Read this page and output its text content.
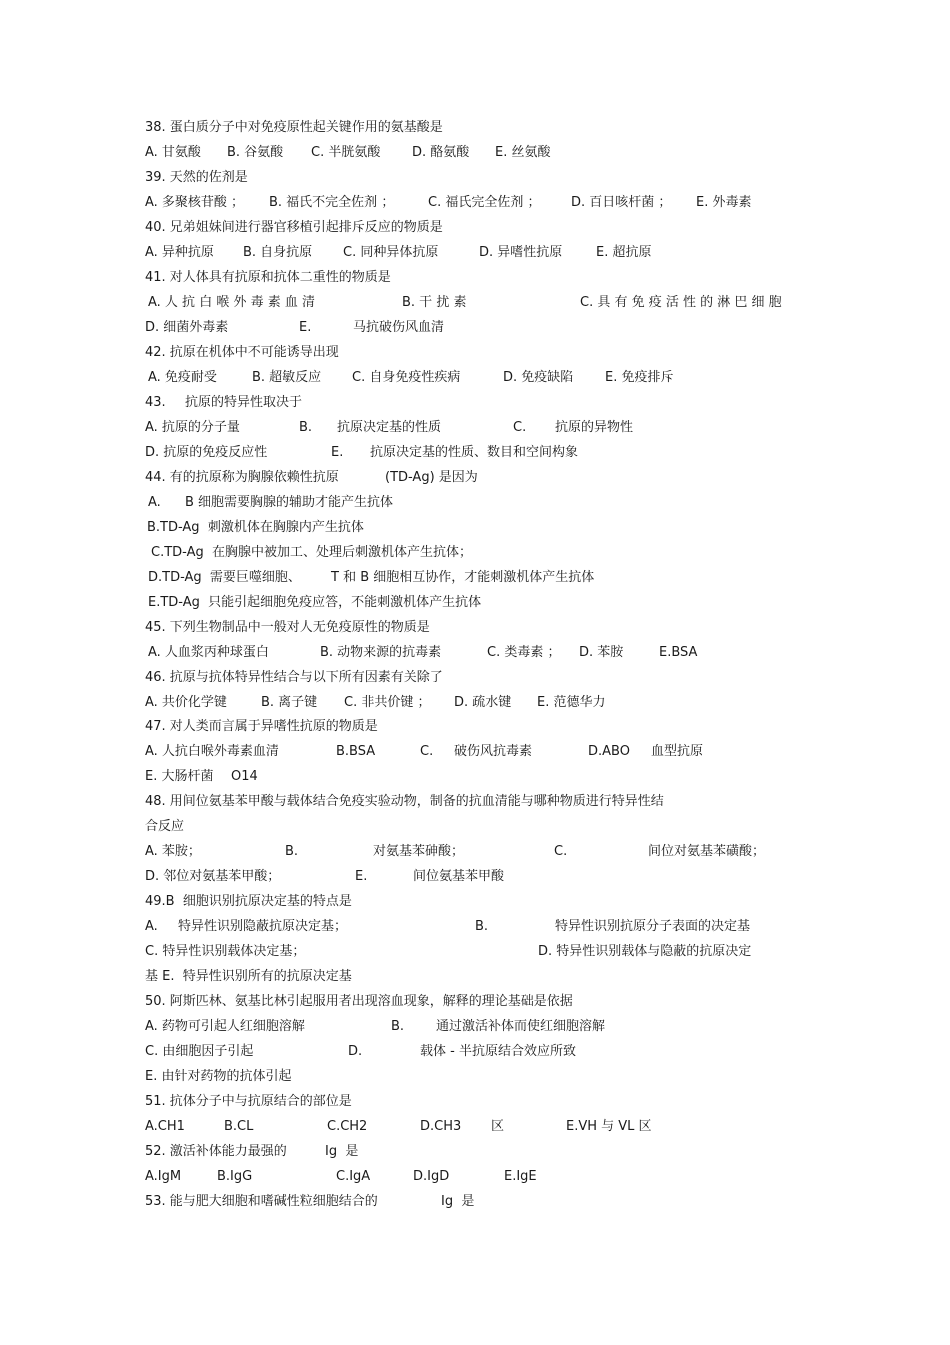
38. 蛋白质分子中对免疫原性起关键作用的氨基酸是

A. 甘氨酸

B. 谷氨酸

C. 半胱氨酸

D. 酪氨酸

E. 丝氨酸

39. 天然的佐剂是

A. 多聚核苷酸 ；

B. 福氏不完全佐剂 ；

	C. 福氏完全佐剂 ；

D. 百日咳杆菌 ；

E. 外毒素

40. 兄弟姐妹间进行器官移植引起排斥反应的物质是

A. 异种抗原

B. 自身抗原

C. 同种异体抗原

	D. 异嗜性抗原

	E. 超抗原

41. 对人体具有抗原和抗体二重性的物质是

A. 人 抗 白 喉 外 毒 素 血 清

	B. 干 扰 素

	C. 具 有 免 疫 活 性 的 淋 巴 细 胞

D. 细菌外毒素

	E.

	马抗破伤风血清

42. 抗原在机体中不可能诱导出现

A. 免疫耐受

	B. 超敏反应

C. 自身免疫性疾病

	D. 免疫缺陷

E. 免疫排斥

43.

抗原的特异性取决于

A. 抗原的分子量

	B.

抗原决定基的性质

	C.

抗原的异物性

D. 抗原的免疫反应性

	E.

抗原决定基的性质、数目和空间构象

44. 有的抗原称为胸腺依赖性抗原

	(TD-Ag) 是因为

A.

B 细胞需要胸腺的辅助才能产生抗体

B.TD-Ag  刺激机体在胸腺内产生抗体

C.TD-Ag  在胸腺中被加工、处理后刺激机体产生抗体；

D.TD-Ag  需要巨噬细胞、

T 和 B 细胞相互协作，才能刺激机体产生抗体

E.TD-Ag  只能引起细胞免疫应答，不能刺激机体产生抗体

45. 下列生物制品中一般对人无免疫原性的物质是

A. 人血浆丙种球蛋白

	B. 动物来源的抗毒素

	C. 类毒素 ；

D. 苯胺

	E.BSA

46. 抗原与抗体特异性结合与以下所有因素有关除了

A. 共价化学键

	B. 离子键

C. 非共价键 ；

D. 疏水键

E. 范德华力

47. 对人类而言属于异嗜性抗原的物质是

A. 人抗白喉外毒素血清

	B.BSA

	C.

破伤风抗毒素

	D.ABO

血型抗原

E. 大肠杆菌

O14

48. 用间位氨基苯甲酸与载体结合免疫实验动物，制备的抗血清能与哪种物质进行特异性结

合反应

A. 苯胺；

	B.

	对氨基苯砷酸；

	C.

	间位对氨基苯磺酸；

D. 邻位对氨基苯甲酸；

	E.

	间位氨基苯甲酸

49.B  细胞识别抗原决定基的特点是

A.

特异性识别隐蔽抗原决定基；

	B.

	特异性识别抗原分子表面的决定基

C. 特异性识别载体决定基；

	D. 特异性识别载体与隐蔽的抗原决定

基 E.  特异性识别所有的抗原决定基

50. 阿斯匹林、氨基比林引起服用者出现溶血现象，解释的理论基础是依据

A. 药物可引起人红细胞溶解

	B.

通过激活补体而使红细胞溶解

C. 由细胞因子引起

	D.

	载体 - 半抗原结合效应所致

E. 由针对药物的抗体引起

51. 抗体分子中与抗原结合的部位是

A.CH1

	B.CL

	C.CH2

	D.CH3

区

	E.VH 与 VL 区

52. 激活补体能力最强的

	Ig  是

A.IgM

	B.IgG

	C.IgA

	D.IgD

	E.IgE

53. 能与肥大细胞和嗜碱性粒细胞结合的

	Ig  是
